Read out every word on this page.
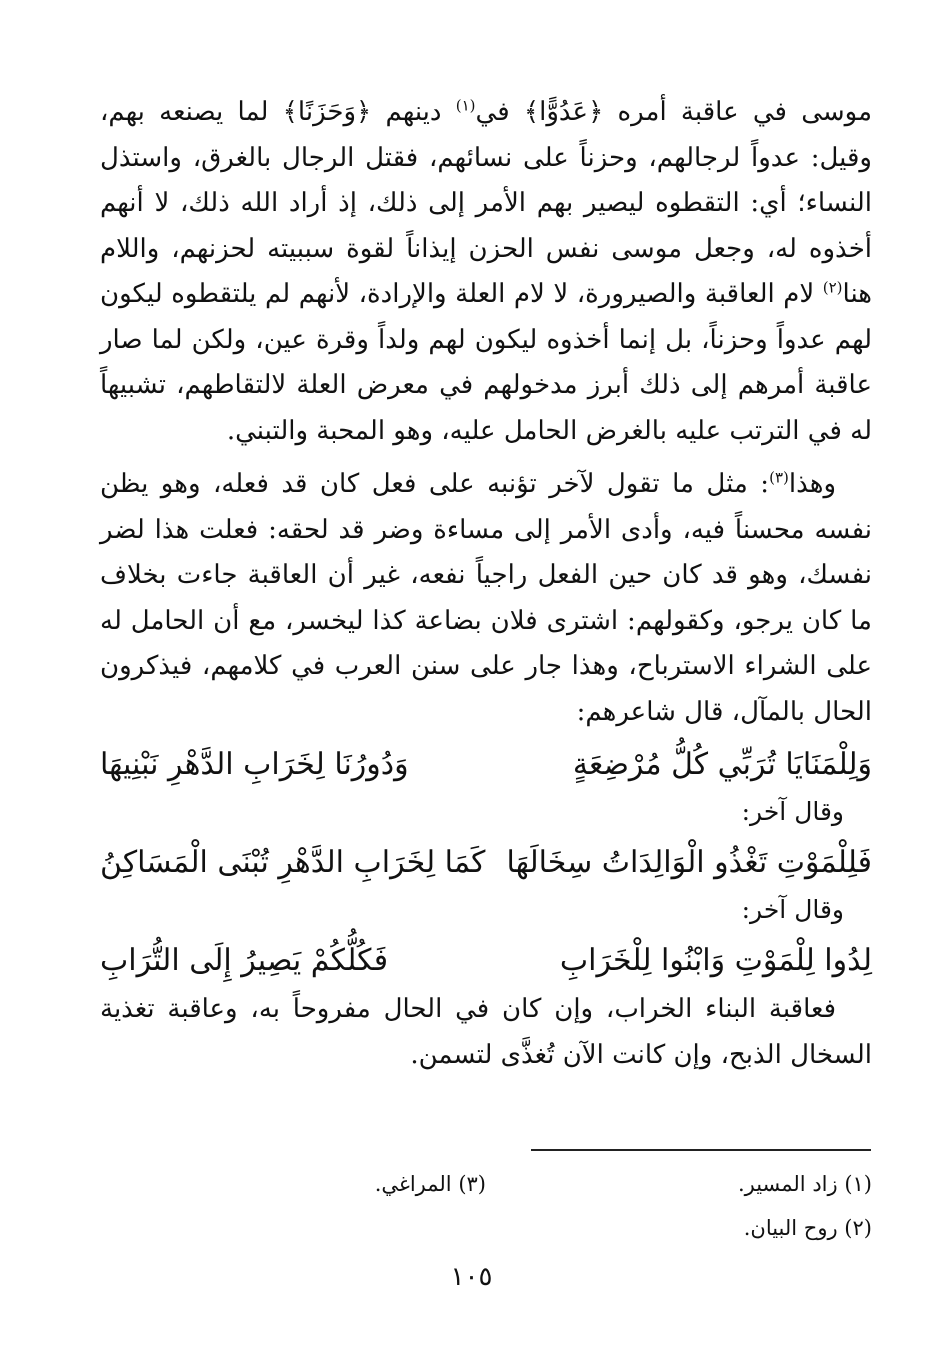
موسى في عاقبة أمره ﴿عَدُوًّا﴾ في$^{(١)}$ دينهم ﴿وَحَزَنًا﴾ لما يصنعه بهم، وقيل: عدواً لرجالهم، وحزناً على نسائهم، فقتل الرجال بالغرق، واستذل النساء؛ أي: التقطوه ليصير بهم الأمر إلى ذلك، إذ أراد الله ذلك، لا أنهم أخذوه له، وجعل موسى نفس الحزن إيذاناً لقوة سببيته لحزنهم، واللام هنا$^{(٢)}$ لام العاقبة والصيرورة، لا لام العلة والإرادة، لأنهم لم يلتقطوه ليكون لهم عدواً وحزناً، بل إنما أخذوه ليكون لهم ولداً وقرة عين، ولكن لما صار عاقبة أمرهم إلى ذلك أبرز مدخولهم في معرض العلة لالتقاطهم، تشبيهاً له في الترتب عليه بالغرض الحامل عليه، وهو المحبة والتبني.

وهذا$^{(٣)}$: مثل ما تقول لآخر تؤنبه على فعل كان قد فعله، وهو يظن نفسه محسناً فيه، وأدى الأمر إلى مساءة وضر قد لحقه: فعلت هذا لضر نفسك، وهو قد كان حين الفعل راجياً نفعه، غير أن العاقبة جاءت بخلاف ما كان يرجو، وكقولهم: اشترى فلان بضاعة كذا ليخسر، مع أن الحامل له على الشراء الاسترباح، وهذا جار على سنن العرب في كلامهم، فيذكرون الحال بالمآل، قال شاعرهم:

وَلِلْمَنَايَا تُرَبِّي كُلُّ مُرْضِعَةٍ
وَدُورُنَا لِخَرَابِ الدَّهْرِ نَبْنِيهَا

وقال آخر:

فَلِلْمَوْتِ تَغْذُو الْوَالِدَاتُ سِخَالَهَا
كَمَا لِخَرَابِ الدَّهْرِ تُبْنَى الْمَسَاكِنُ

وقال آخر:

لِدُوا لِلْمَوْتِ وَابْنُوا لِلْخَرَابِ
فَكُلُّكُمْ يَصِيرُ إِلَى التُّرَابِ

فعاقبة البناء الخراب، وإن كان في الحال مفروحاً به، وعاقبة تغذية السخال الذبح، وإن كانت الآن تُغذَّى لتسمن.

(١) زاد المسير.
(٣) المراغي.
(٢) روح البيان.
١٠٥
